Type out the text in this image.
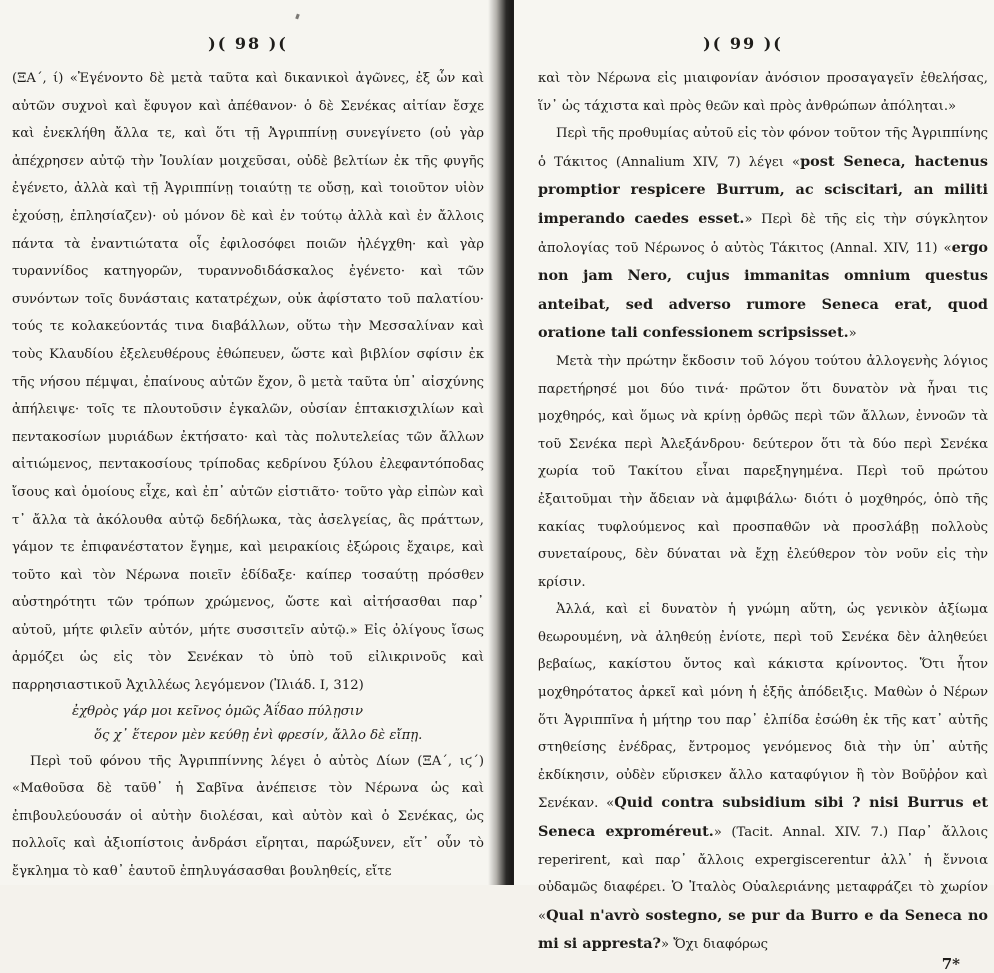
)( 98 )(

(ΞΑ΄, ί) «Ἐγένοντο δὲ μετὰ ταῦτα καὶ δικανικοὶ ἀγῶνες, ἐξ ὧν καὶ αὐτῶν συχνοὶ καὶ ἔφυγον καὶ ἀπέθανον· ὁ δὲ Σενέκας αἰτίαν ἔσχε καὶ ἐνεκλήθη ἄλλα τε, καὶ ὅτι τῇ Ἀγριππίνῃ συνεγίνετο (οὐ γὰρ ἀπέχρησεν αὐτῷ τὴν Ἰουλίαν μοιχεῦσαι, οὐδὲ βελτίων ἐκ τῆς φυγῆς ἐγένετο, ἀλλὰ καὶ τῇ Ἀγριππίνῃ τοιαύτῃ τε οὔσῃ, καὶ τοιοῦτον υἱὸν ἐχούσῃ, ἐπλησίαζεν)· οὐ μόνον δὲ καὶ ἐν τούτῳ ἀλλὰ καὶ ἐν ἄλλοις πάντα τὰ ἐναντιώτατα οἷς ἐφιλοσόφει ποιῶν ἠλέγχθη· καὶ γὰρ τυραννίδος κατηγορῶν, τυραννοδιδάσκαλος ἐγένετο· καὶ τῶν συνόντων τοῖς δυνάσταις κατατρέχων, οὐκ ἀφίστατο τοῦ παλατίου· τούς τε κολακεύοντάς τινα διαβάλλων, οὕτω τὴν Μεσσαλίναν καὶ τοὺς Κλαυδίου ἐξελευθέρους ἐθώπευεν, ὥστε καὶ βιβλίον σφίσιν ἐκ τῆς νήσου πέμψαι, ἐπαίνους αὐτῶν ἔχον, ὃ μετὰ ταῦτα ὑπ᾽ αἰσχύνης ἀπήλειψε· τοῖς τε πλουτοῦσιν ἐγκαλῶν, οὐσίαν ἑπτακισχιλίων καὶ πεντακοσίων μυριάδων ἐκτήσατο· καὶ τὰς πολυτελείας τῶν ἄλλων αἰτιώμενος, πεντακοσίους τρίποδας κεδρίνου ξύλου ἐλεφαντόποδας ἴσους καὶ ὁμοίους εἶχε, καὶ ἐπ᾽ αὐτῶν εἱστιᾶτο· τοῦτο γὰρ εἰπὼν καὶ τ᾽ ἄλλα τὰ ἀκόλουθα αὐτῷ δεδήλωκα, τὰς ἀσελγείας, ἃς πράττων, γάμον τε ἐπιφανέστατον ἔγημε, καὶ μειρακίοις ἐξώροις ἔχαιρε, καὶ τοῦτο καὶ τὸν Νέρωνα ποιεῖν ἐδίδαξε· καίπερ τοσαύτῃ πρόσθεν αὐστηρότητι τῶν τρόπων χρώμενος, ὥστε καὶ αἰτήσασθαι παρ᾽ αὐτοῦ, μήτε φιλεῖν αὐτόν, μήτε συσσιτεῖν αὐτῷ.» Εἰς ὀλίγους ἴσως ἁρμόζει ὡς εἰς τὸν Σενέκαν τὸ ὑπὸ τοῦ εἰλικρινοῦς καὶ παρρησιαστικοῦ Ἀχιλλέως λεγόμενον (Ἰλιάδ. Ι, 312)

ἐχθρὸς γάρ μοι κεῖνος ὁμῶς Ἀΐδαο πύλῃσιν
ὅς χ᾽ ἕτερον μὲν κεύθῃ ἐνὶ φρεσίν, ἄλλο δὲ εἴπῃ.

Περὶ τοῦ φόνου τῆς Ἀγριππίννης λέγει ὁ αὐτὸς Δίων (ΞΑ΄, ιϛ΄) «Μαθοῦσα δὲ ταῦθ᾽ ἡ Σαβῖνα ἀνέπεισε τὸν Νέρωνα ὡς καὶ ἐπιβουλεύουσάν οἱ αὐτὴν διολέσαι, καὶ αὐτὸν καὶ ὁ Σενέκας, ὡς πολλοῖς καὶ ἀξιοπίστοις ἀνδράσι εἴρηται, παρώξυνεν, εἴτ᾽ οὖν τὸ ἔγκλημα τὸ καθ᾽ ἑαυτοῦ ἐπηλυγάσασθαι βουληθείς, εἴτε

)( 99 )(

καὶ τὸν Νέρωνα εἰς μιαιφονίαν ἀνόσιον προσαγαγεῖν ἐθελήσας, ἵν᾽ ὡς τάχιστα καὶ πρὸς θεῶν καὶ πρὸς ἀνθρώπων ἀπόληται.»

Περὶ τῆς προθυμίας αὐτοῦ εἰς τὸν φόνον τοῦτον τῆς Ἀγριππίνης ὁ Τάκιτος (Annalium XIV, 7) λέγει «post Seneca, hactenus promptior respicere Burrum, ac sciscitari, an militi imperando caedes esset.» Περὶ δὲ τῆς εἰς τὴν σύγκλητον ἀπολογίας τοῦ Νέρωνος ὁ αὐτὸς Τάκιτος (Annal. XIV, 11) «ergo non jam Nero, cujus immanitas omnium questus anteibat, sed adverso rumore Seneca erat, quod oratione tali confessionem scripsisset.»

Μετὰ τὴν πρώτην ἔκδοσιν τοῦ λόγου τούτου ἀλλογενὴς λόγιος παρετήρησέ μοι δύο τινά· πρῶτον ὅτι δυνατὸν νὰ ἦναι τις μοχθηρός, καὶ ὅμως νὰ κρίνῃ ὀρθῶς περὶ τῶν ἄλλων, ἐννοῶν τὰ τοῦ Σενέκα περὶ Ἀλεξάνδρου· δεύτερον ὅτι τὰ δύο περὶ Σενέκα χωρία τοῦ Τακίτου εἶναι παρεξηγημένα. Περὶ τοῦ πρώτου ἐξαιτοῦμαι τὴν ἄδειαν νὰ ἀμφιβάλω· διότι ὁ μοχθηρός, ὁπὸ τῆς κακίας τυφλούμενος καὶ προσπαθῶν νὰ προσλάβῃ πολλοὺς συνεταίρους, δὲν δύναται νὰ ἔχῃ ἐλεύθερον τὸν νοῦν εἰς τὴν κρίσιν.

Ἀλλά, καὶ εἰ δυνατὸν ἡ γνώμη αὕτη, ὡς γενικὸν ἀξίωμα θεωρουμένη, νὰ ἀληθεύῃ ἐνίοτε, περὶ τοῦ Σενέκα δὲν ἀληθεύει βεβαίως, κακίστου ὄντος καὶ κάκιστα κρίνοντος. Ὅτι ἦτον μοχθηρότατος ἀρκεῖ καὶ μόνη ἡ ἑξῆς ἀπόδειξις. Μαθὼν ὁ Νέρων ὅτι Ἀγριππῖνα ἡ μήτηρ του παρ᾽ ἐλπίδα ἐσώθη ἐκ τῆς κατ᾽ αὐτῆς στηθείσης ἐνέδρας, ἔντρομος γενόμενος διὰ τὴν ὑπ᾽ αὐτῆς ἐκδίκησιν, οὐδὲν εὕρισκεν ἄλλο καταφύγιον ἢ τὸν Βοῦῤῥον καὶ Σενέκαν. «Quid contra subsidium sibi ? nisi Burrus et Seneca exproméreut.» (Tacit. Annal. XIV. 7.) Παρ᾽ ἄλλοις reperirent, καὶ παρ᾽ ἄλλοις expergiscerentur ἀλλ᾽ ἡ ἔννοια οὐδαμῶς διαφέρει. Ὁ Ἰταλὸς Οὐαλεριάνης μεταφράζει τὸ χωρίον «Qual n'avrò sostegno, se pur da Burro e da Seneca no mi si appresta?» Ὄχι διαφόρως

7*
